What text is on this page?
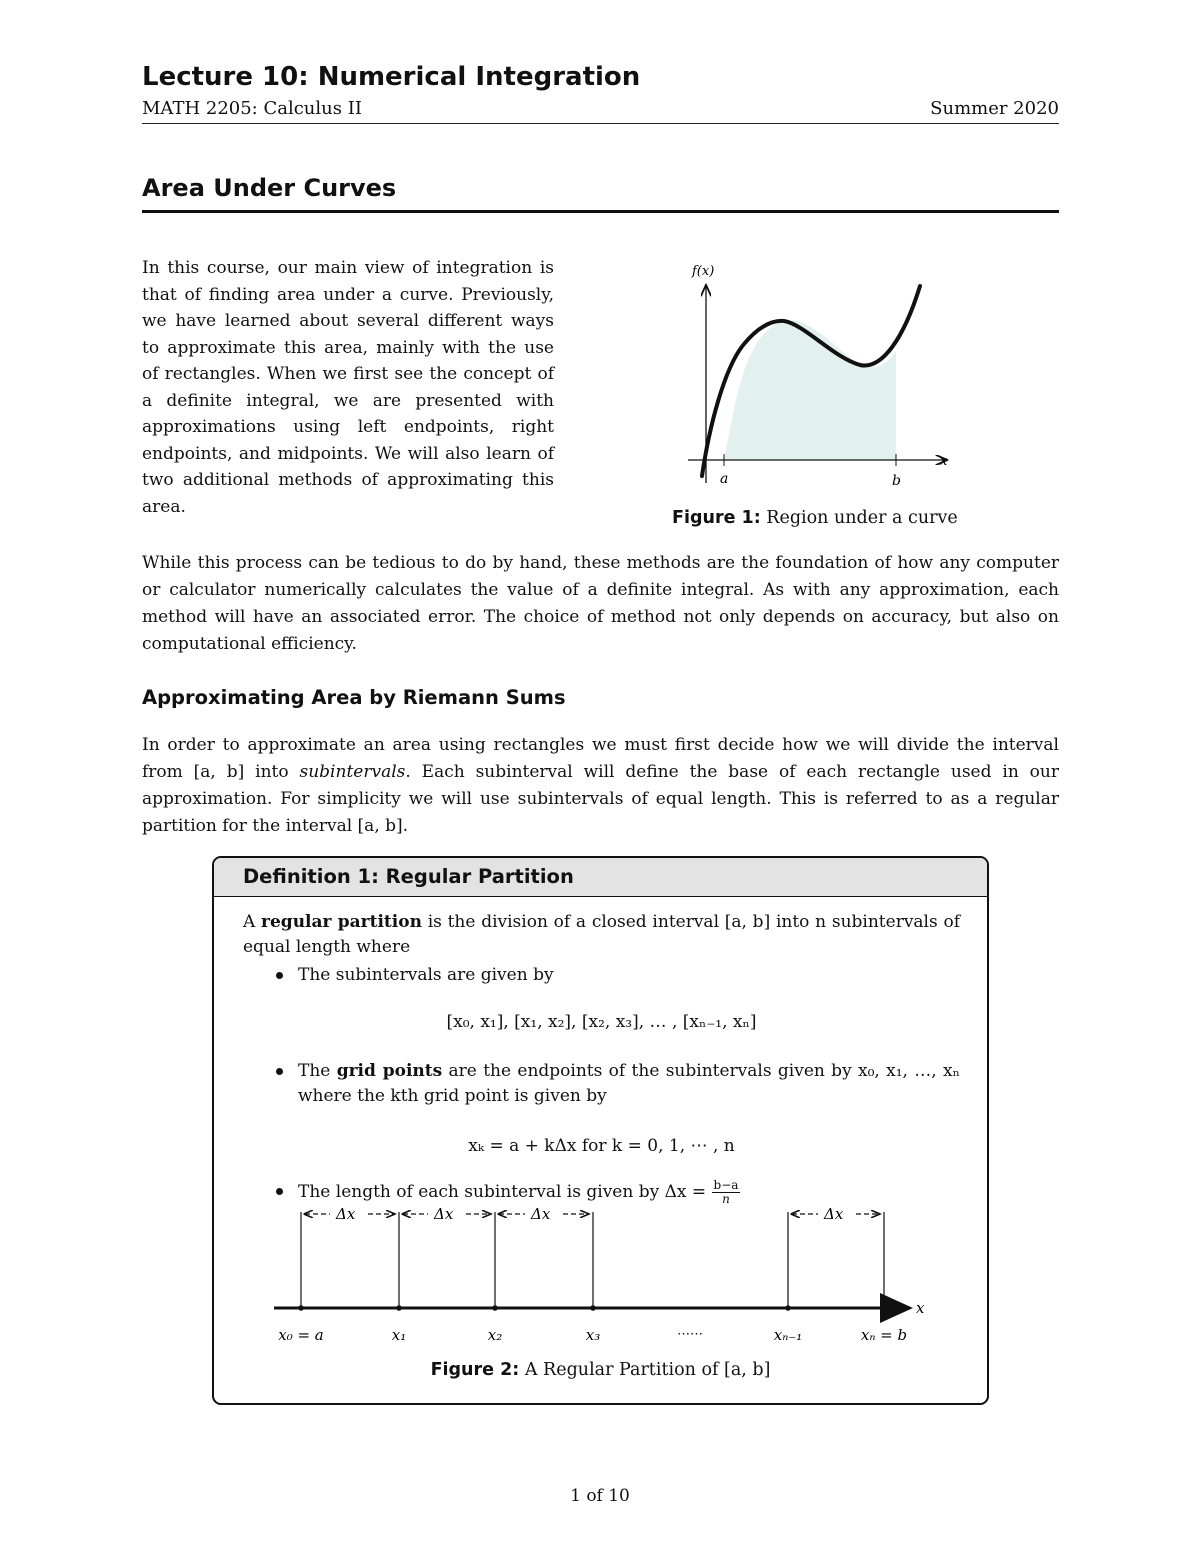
Lecture 10: Numerical Integration
MATH 2205: Calculus II	Summer 2020
Area Under Curves
In this course, our main view of integration is that of finding area under a curve. Previously, we have learned about several different ways to approximate this area, mainly with the use of rectangles. When we first see the concept of a definite integral, we are presented with approximations using left endpoints, right endpoints, and midpoints. We will also learn of two additional methods of approximating this area.
f(x)
x
a	b
Figure 1: Region under a curve
While this process can be tedious to do by hand, these methods are the foundation of how any computer or calculator numerically calculates the value of a definite integral. As with any approximation, each method will have an associated error. The choice of method not only depends on accuracy, but also on computational efficiency.
Approximating Area by Riemann Sums
In order to approximate an area using rectangles we must first decide how we will divide the interval from [a, b] into subintervals. Each subinterval will define the base of each rectangle used in our approximation. For simplicity we will use subintervals of equal length. This is referred to as a regular partition for the interval [a, b].
Definition 1: Regular Partition
A regular partition is the division of a closed interval [a, b] into n subintervals of equal length where
The subintervals are given by
[x₀, x₁], [x₁, x₂], [x₂, x₃], … , [xₙ₋₁, xₙ]
The grid points are the endpoints of the subintervals given by x₀, x₁, …, xₙ where the kth grid point is given by
xₖ = a + kΔx for k = 0, 1, ⋯ , n
The length of each subinterval is given by $\Delta x = \frac{b-a}{n}$
Δx	Δx	Δx	Δx
x
x₀ = a	x₁	x₂	x₃	⋯⋯	xₙ₋₁	xₙ = b
Figure 2: A Regular Partition of [a, b]
1 of 10
